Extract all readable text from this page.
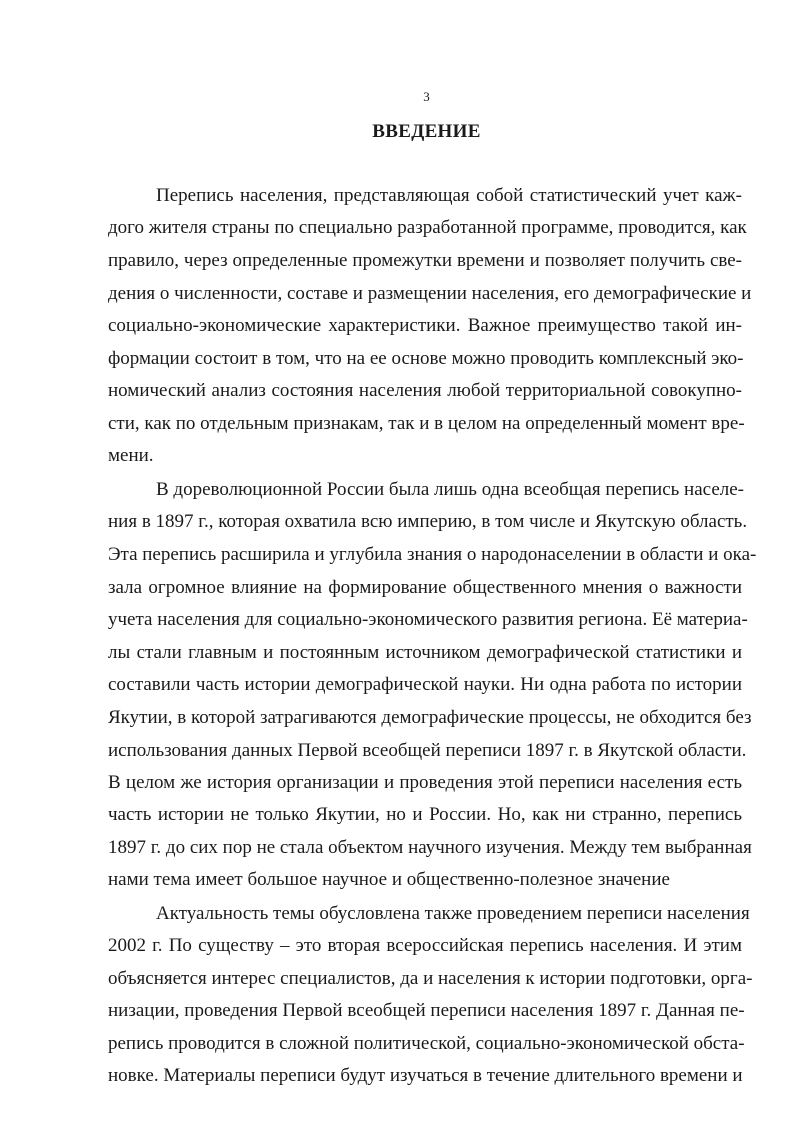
3
ВВЕДЕНИЕ
Перепись населения, представляющая собой статистический учет каж-
дого жителя страны по специально разработанной программе, проводится, как
правило, через определенные промежутки времени и позволяет получить све-
дения о численности, составе и размещении населения, его демографические и
социально-экономические характеристики. Важное преимущество такой ин-
формации состоит в том, что на ее основе можно проводить комплексный эко-
номический анализ состояния населения любой территориальной совокупно-
сти, как по отдельным признакам, так и в целом на определенный момент вре-
мени.
В дореволюционной России была лишь одна всеобщая перепись населе-
ния в 1897 г., которая охватила всю империю, в том числе и Якутскую область.
Эта перепись расширила и углубила знания о народонаселении в области и ока-
зала огромное влияние на формирование общественного мнения о важности
учета населения для социально-экономического развития региона. Её материа-
лы стали главным и постоянным источником демографической статистики и
составили часть истории демографической науки. Ни одна работа по истории
Якутии, в которой затрагиваются демографические процессы, не обходится без
использования данных Первой всеобщей переписи 1897 г. в Якутской области.
В целом же история организации и проведения этой переписи населения есть
часть истории не только Якутии, но и России. Но, как ни странно, перепись
1897 г. до сих пор не стала объектом научного изучения. Между тем выбранная
нами тема имеет большое научное и общественно-полезное значение
Актуальность темы обусловлена также проведением переписи населения
2002 г. По существу – это вторая всероссийская перепись населения. И этим
объясняется интерес специалистов, да и населения к истории подготовки, орга-
низации, проведения Первой всеобщей переписи населения 1897 г. Данная пе-
репись проводится в сложной политической, социально-экономической обста-
новке. Материалы переписи будут изучаться в течение длительного времени и
